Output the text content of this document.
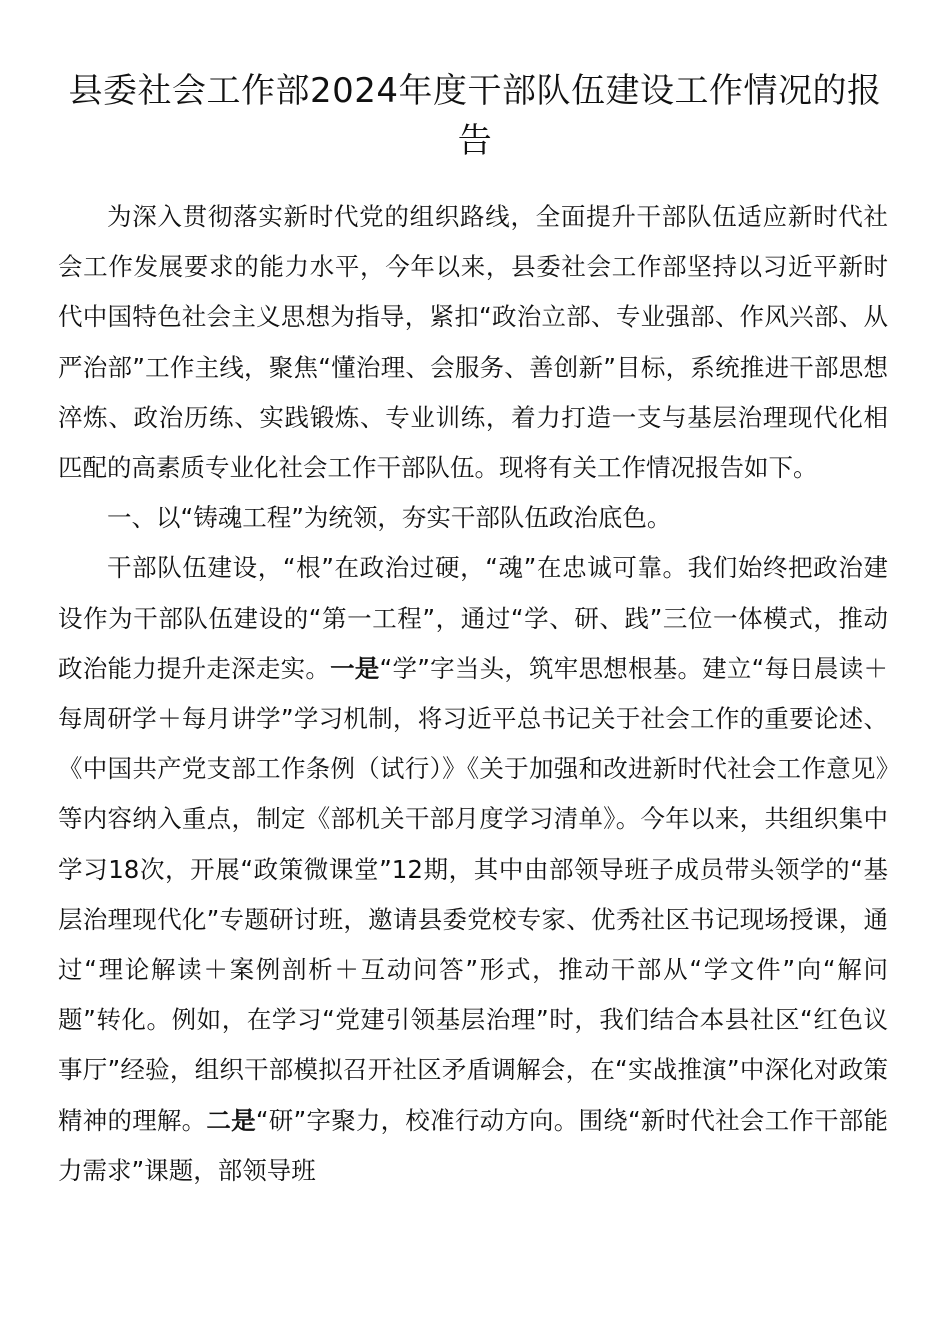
县委社会工作部2024年度干部队伍建设工作情况的报告

为深入贯彻落实新时代党的组织路线，全面提升干部队伍适应新时代社会工作发展要求的能力水平，今年以来，县委社会工作部坚持以习近平新时代中国特色社会主义思想为指导，紧扣“政治立部、专业强部、作风兴部、从严治部”工作主线，聚焦“懂治理、会服务、善创新”目标，系统推进干部思想淬炼、政治历练、实践锻炼、专业训练，着力打造一支与基层治理现代化相匹配的高素质专业化社会工作干部队伍。现将有关工作情况报告如下。

一、以“铸魂工程”为统领，夯实干部队伍政治底色。

干部队伍建设，“根”在政治过硬，“魂”在忠诚可靠。我们始终把政治建设作为干部队伍建设的“第一工程”，通过“学、研、践”三位一体模式，推动政治能力提升走深走实。一是“学”字当头，筑牢思想根基。建立“每日晨读＋每周研学＋每月讲学”学习机制，将习近平总书记关于社会工作的重要论述、《中国共产党支部工作条例（试行）》《关于加强和改进新时代社会工作意见》等内容纳入重点，制定《部机关干部月度学习清单》。今年以来，共组织集中学习18次，开展“政策微课堂”12期，其中由部领导班子成员带头领学的“基层治理现代化”专题研讨班，邀请县委党校专家、优秀社区书记现场授课，通过“理论解读＋案例剖析＋互动问答”形式，推动干部从“学文件”向“解问题”转化。例如，在学习“党建引领基层治理”时，我们结合本县社区“红色议事厅”经验，组织干部模拟召开社区矛盾调解会，在“实战推演”中深化对政策精神的理解。二是“研”字聚力，校准行动方向。围绕“新时代社会工作干部能力需求”课题，部领导班
